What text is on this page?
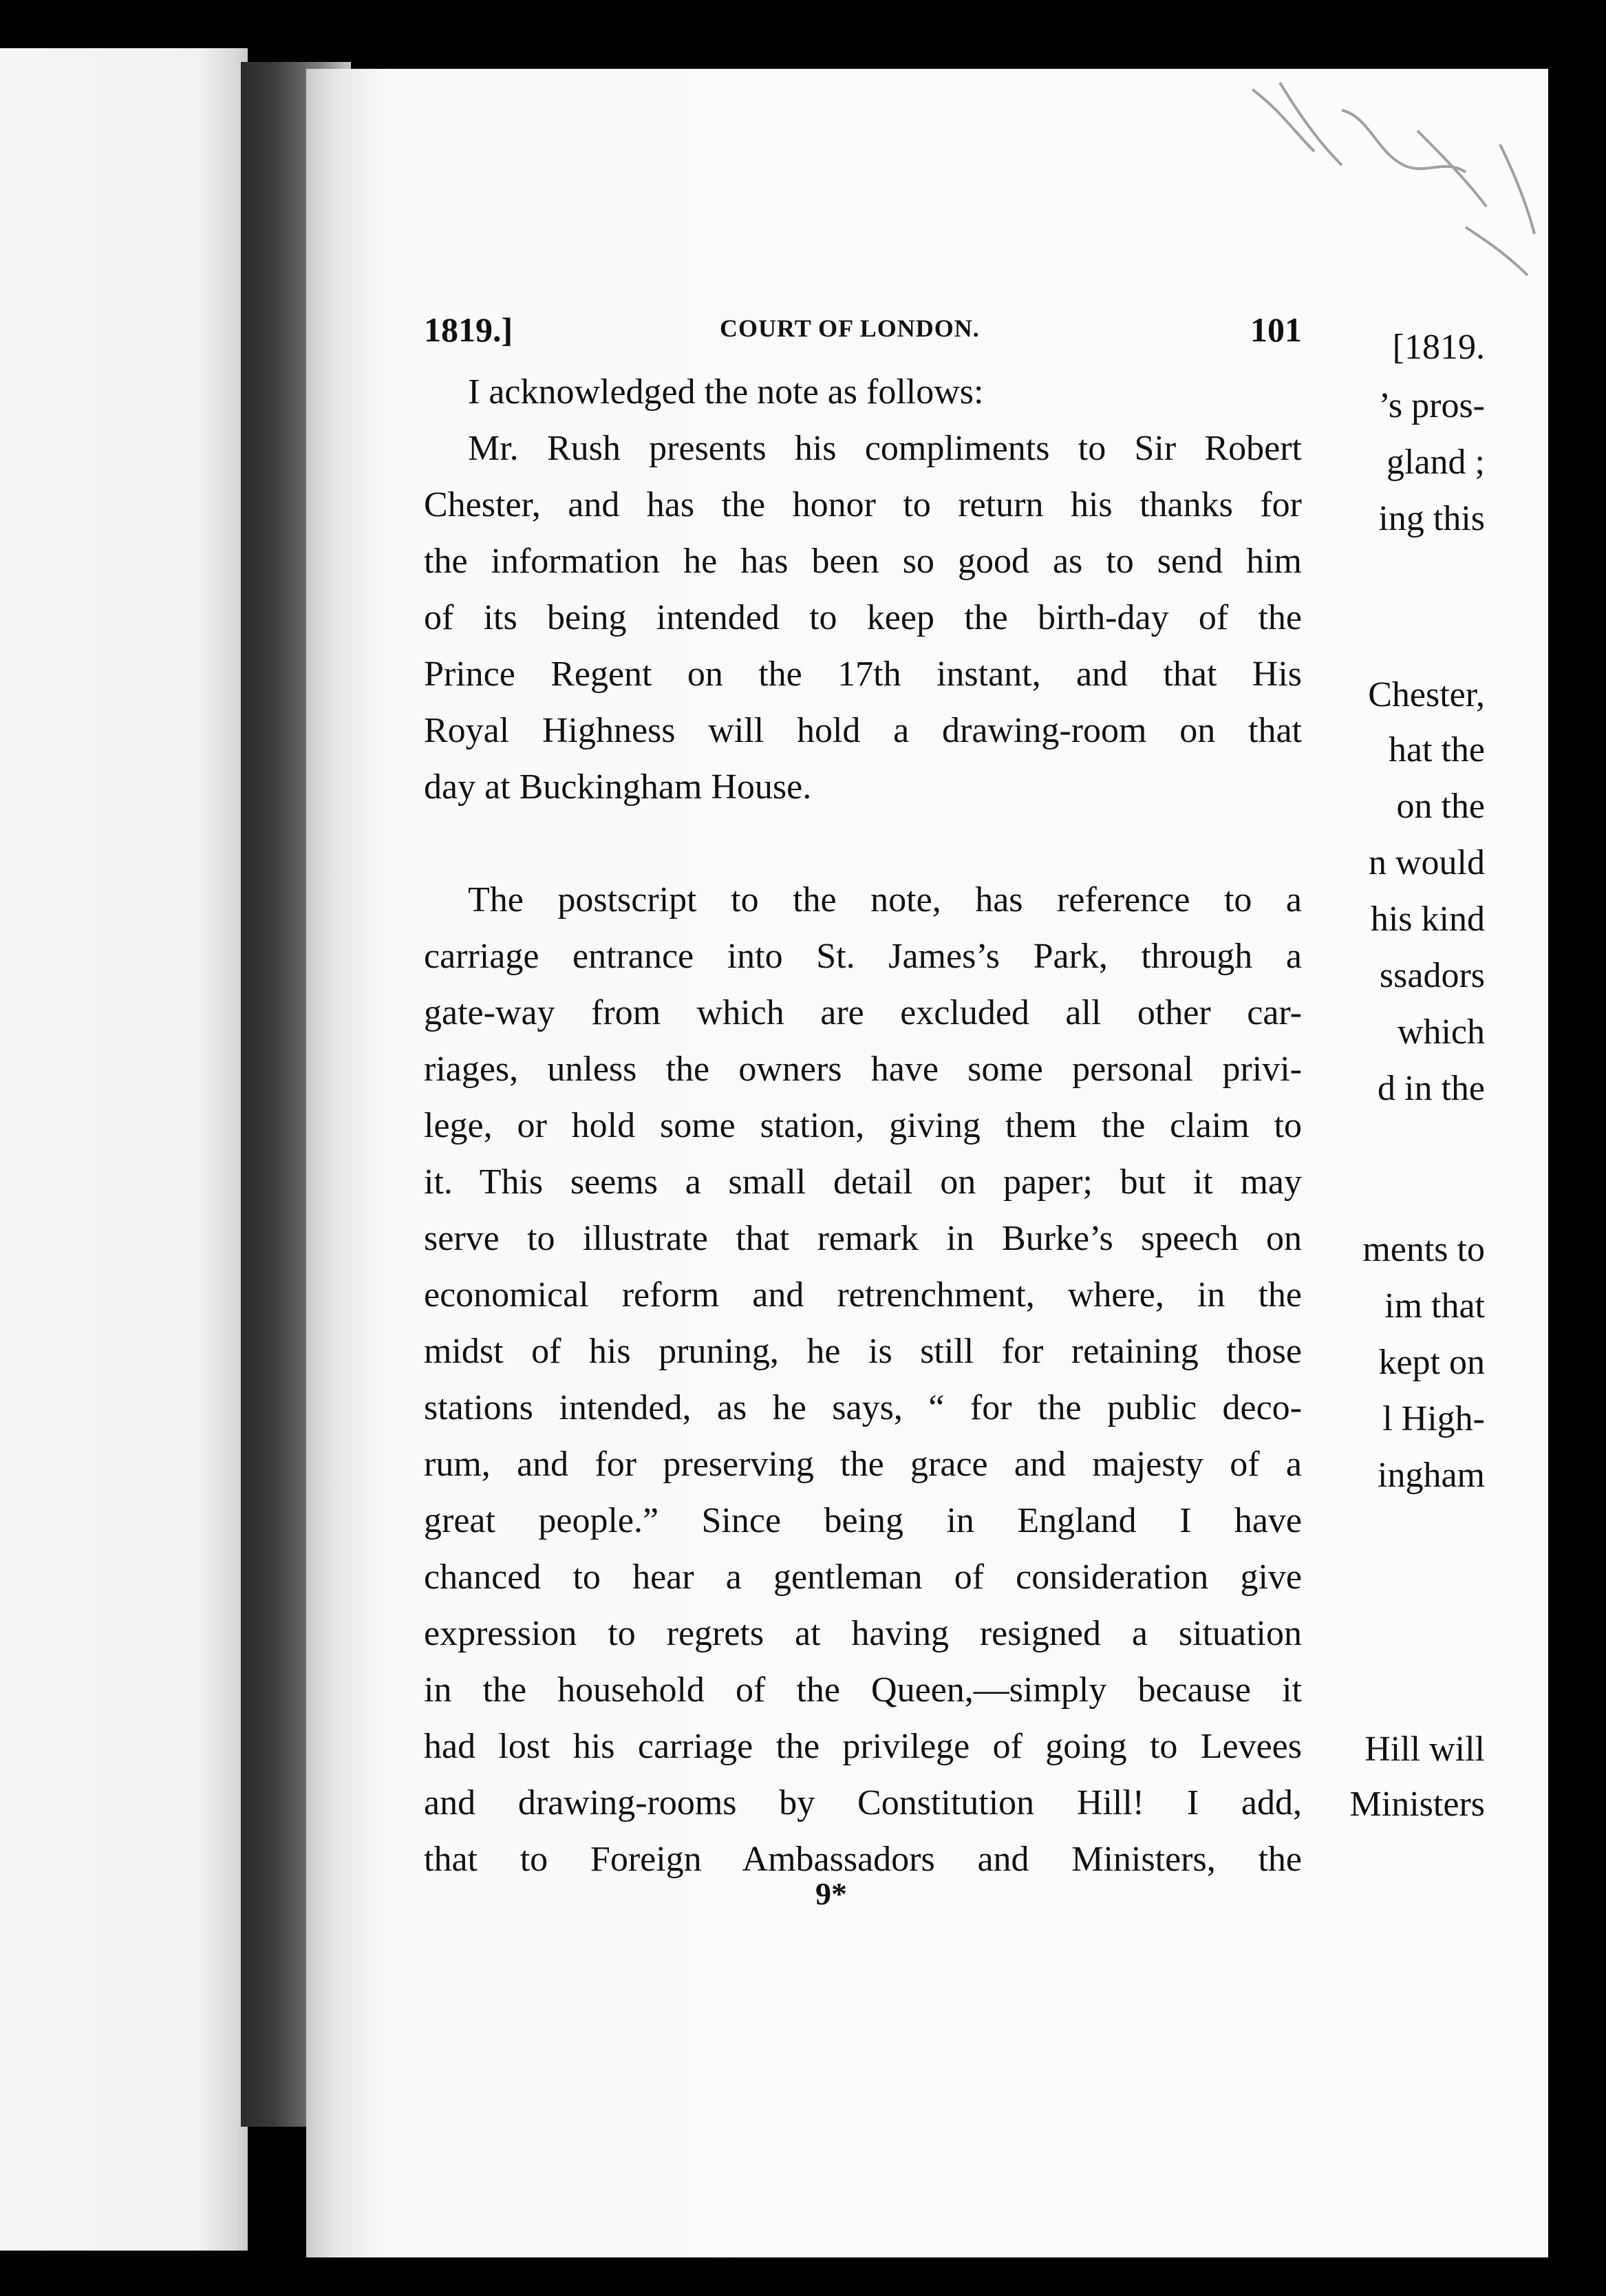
[1819.
’s pros-
gland ;
ing this
Chester,
hat the
on the
n would
his kind
ssadors
which
d in the
ments to
im that
kept on
l High-
ingham
Hill will
Ministers
1819.]	COURT OF LONDON.	101
I acknowledged the note as follows:
Mr. Rush presents his compliments to Sir Robert
Chester, and has the honor to return his thanks for
the information he has been so good as to send him
of its being intended to keep the birth-day of the
Prince Regent on the 17th instant, and that His
Royal Highness will hold a drawing-room on that
day at Buckingham House.
The postscript to the note, has reference to a
carriage entrance into St. James’s Park, through a
gate-way from which are excluded all other car-
riages, unless the owners have some personal privi-
lege, or hold some station, giving them the claim to
it. This seems a small detail on paper; but it may
serve to illustrate that remark in Burke’s speech on
economical reform and retrenchment, where, in the
midst of his pruning, he is still for retaining those
stations intended, as he says, “ for the public deco-
rum, and for preserving the grace and majesty of a
great people.” Since being in England I have
chanced to hear a gentleman of consideration give
expression to regrets at having resigned a situation
in the household of the Queen,—simply because it
had lost his carriage the privilege of going to Levees
and drawing-rooms by Constitution Hill! I add,
that to Foreign Ambassadors and Ministers, the
9*
